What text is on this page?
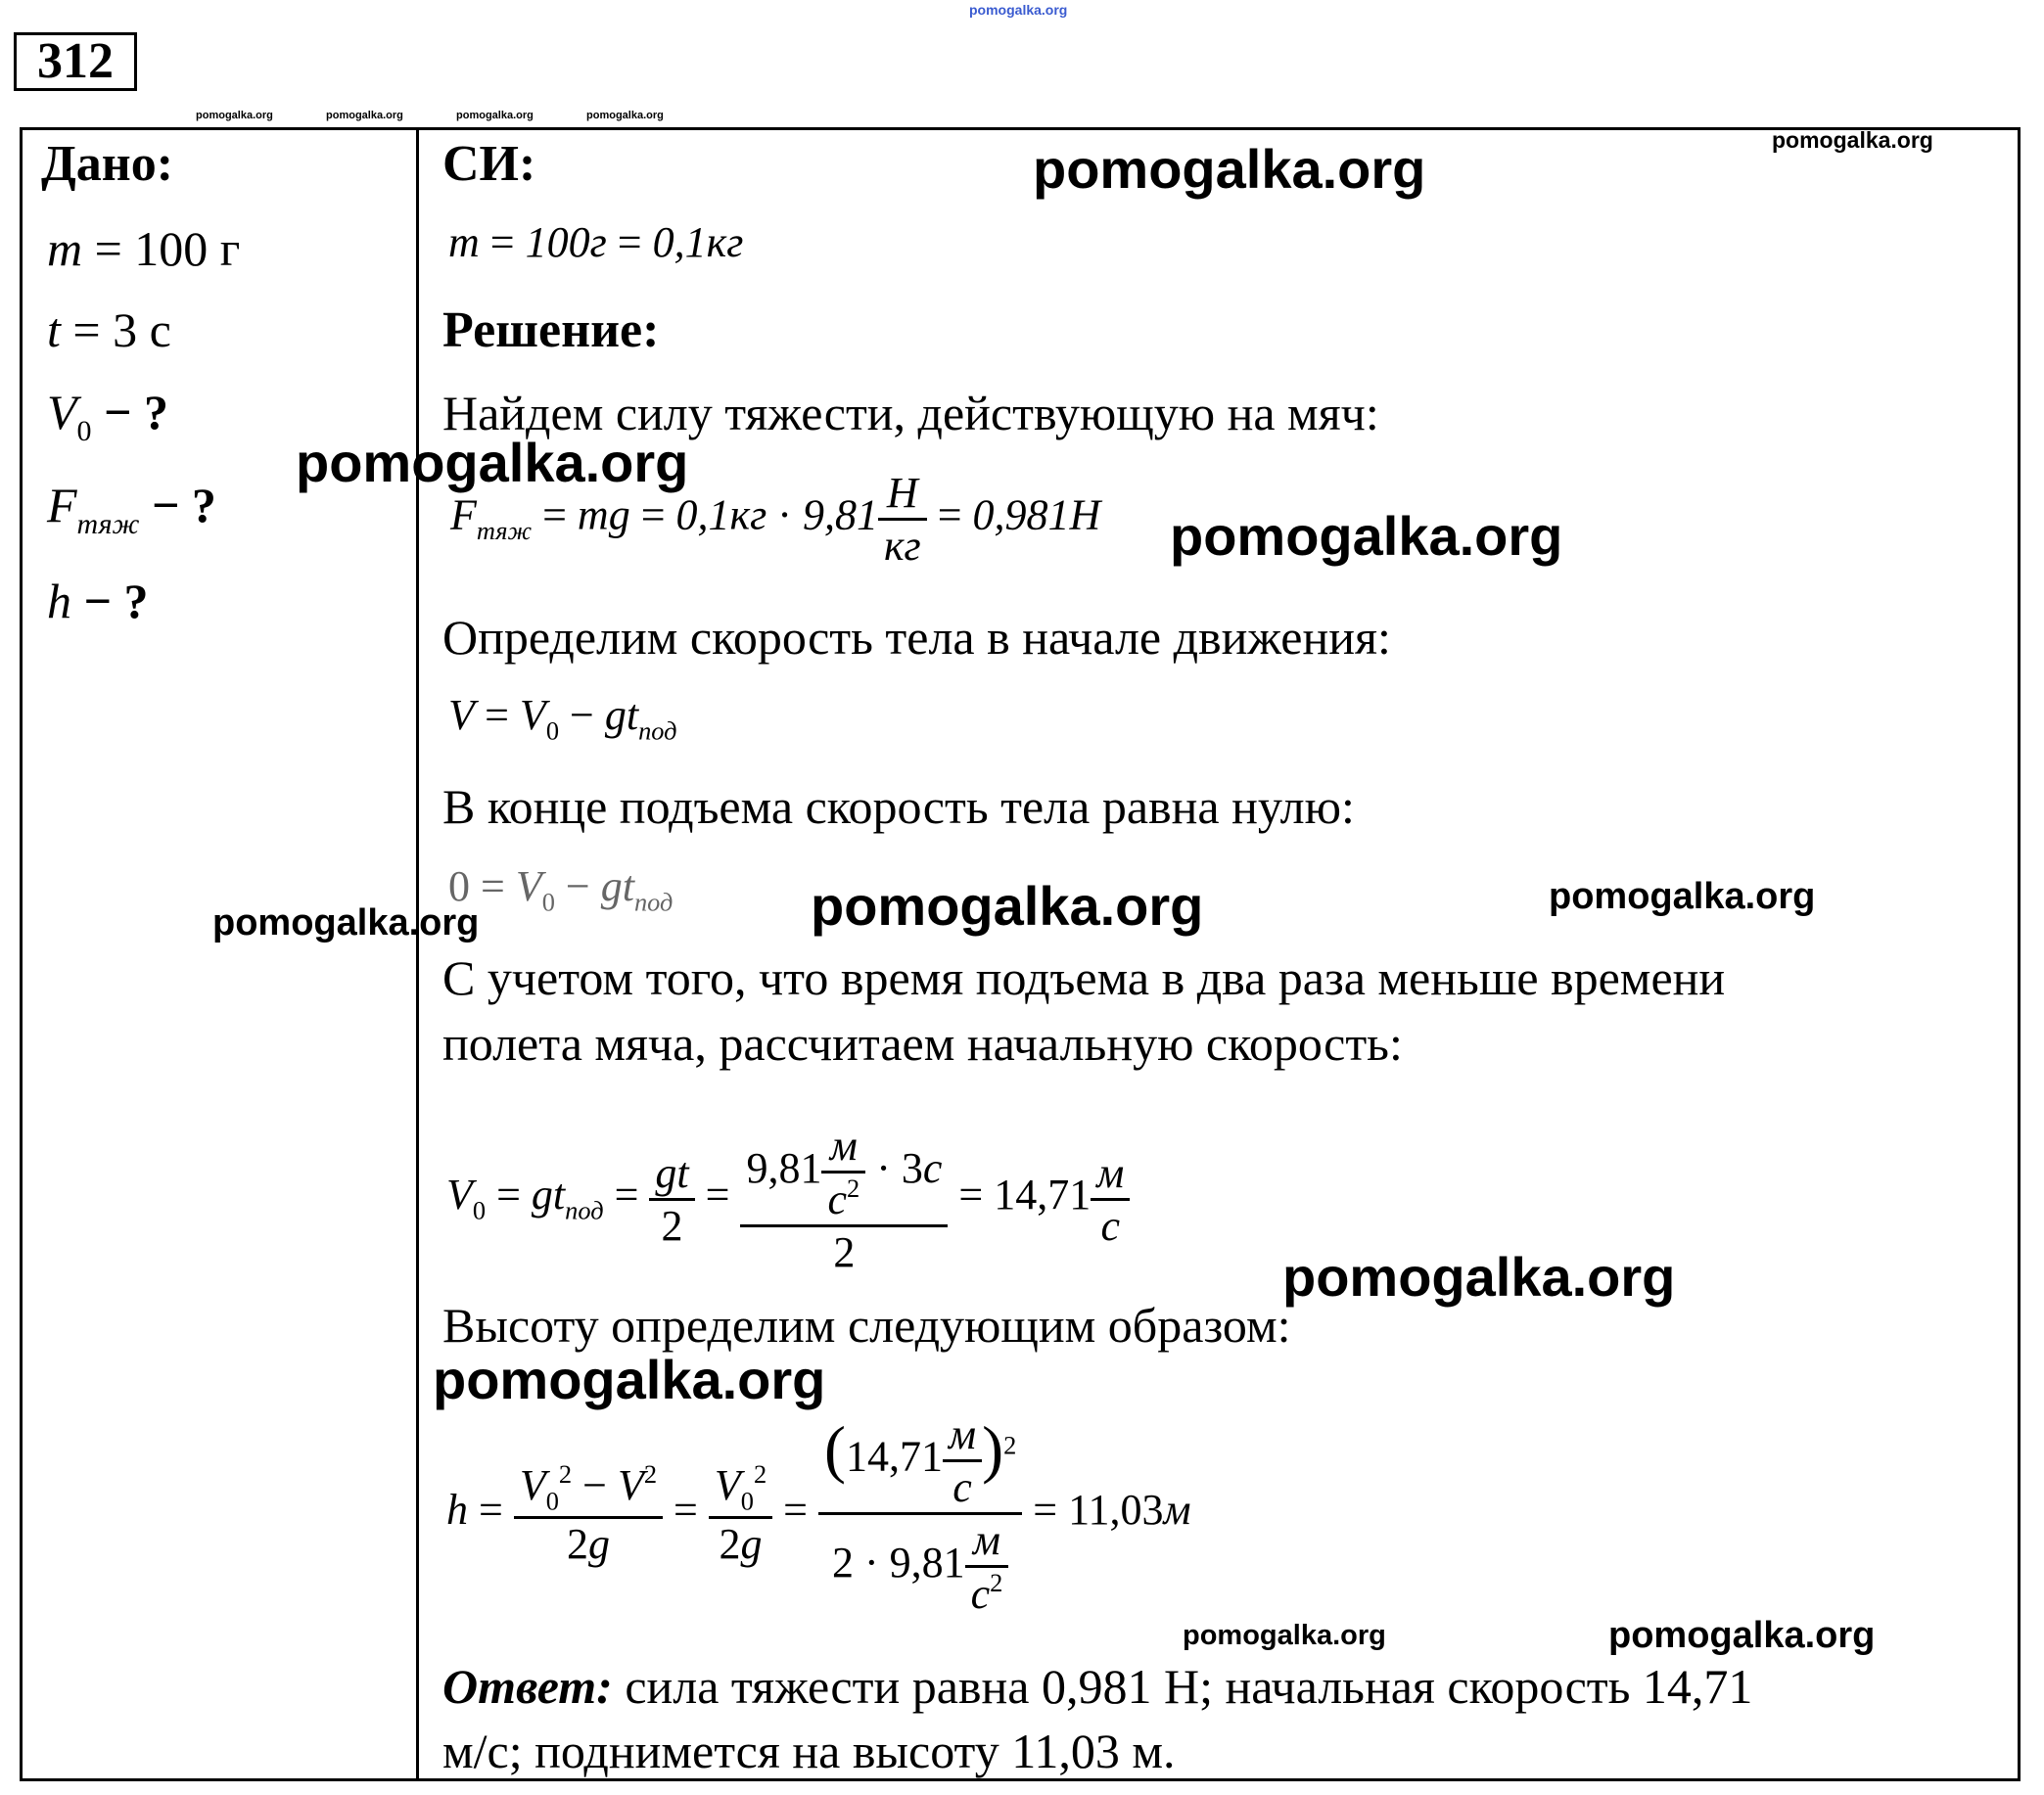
pomogalka.org
pomogalka.org	pomogalka.org	pomogalka.org	pomogalka.org
312
Дано:
m = 100 г
t = 3 с
$V_0$ − ?
$F_{тяж}$ − ?
h − ?
СИ:
m = 100г = 0,1кг
Решение:
Найдем силу тяжести, действующую на мяч:
$F_{тяж}$ = mg = $0,1кг \cdot 9,81 \frac{Н}{кг} = 0,981Н$
Определим скорость тела в начале движения:
$V = V_0 - gt_{под}$
В конце подъема скорость тела равна нулю:
$0 = V_0 - gt_{под}$
С учетом того, что время подъема в два раза меньше времени
полета мяча, рассчитаем начальную скорость:
$V_0 = gt_{под} = \frac{gt}{2} = \frac{9,81 \frac{м}{с^2} \cdot 3с}{2} = 14,71 \frac{м}{с}$
Высоту определим следующим образом:
$h = \frac{V_0^2 - V^2}{2g} = \frac{V_0^2}{2g} = \frac{(14,71 \frac{м}{с} )^2}{2 \cdot 9,81 \frac{м}{с^2}} = 11,03м$
Ответ: сила тяжести равна 0,981 Н; начальная скорость 14,71
м/с; поднимется на высоту 11,03 м.
pomogalka.org
pomogalka.org
pomogalka.org
pomogalka.org
pomogalka.org	pomogalka.org
pomogalka.org
pomogalka.org
pomogalka.org
pomogalka.org	pomogalka.org
